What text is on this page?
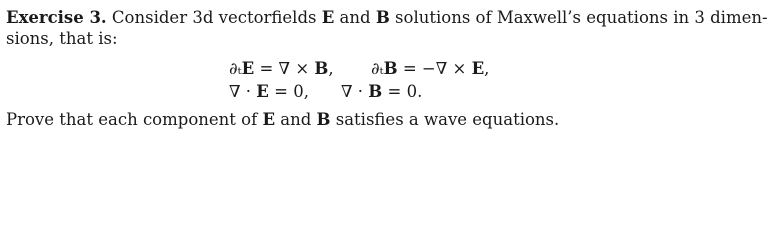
Exercise 3. Consider 3d vectorfields E and B solutions of Maxwell’s equations in 3 dimen-
sions, that is:
∂ₜE = ∇ × B, ∂ₜB = −∇ × E,
∇ · E = 0, ∇ · B = 0.
Prove that each component of E and B satisfies a wave equations.
